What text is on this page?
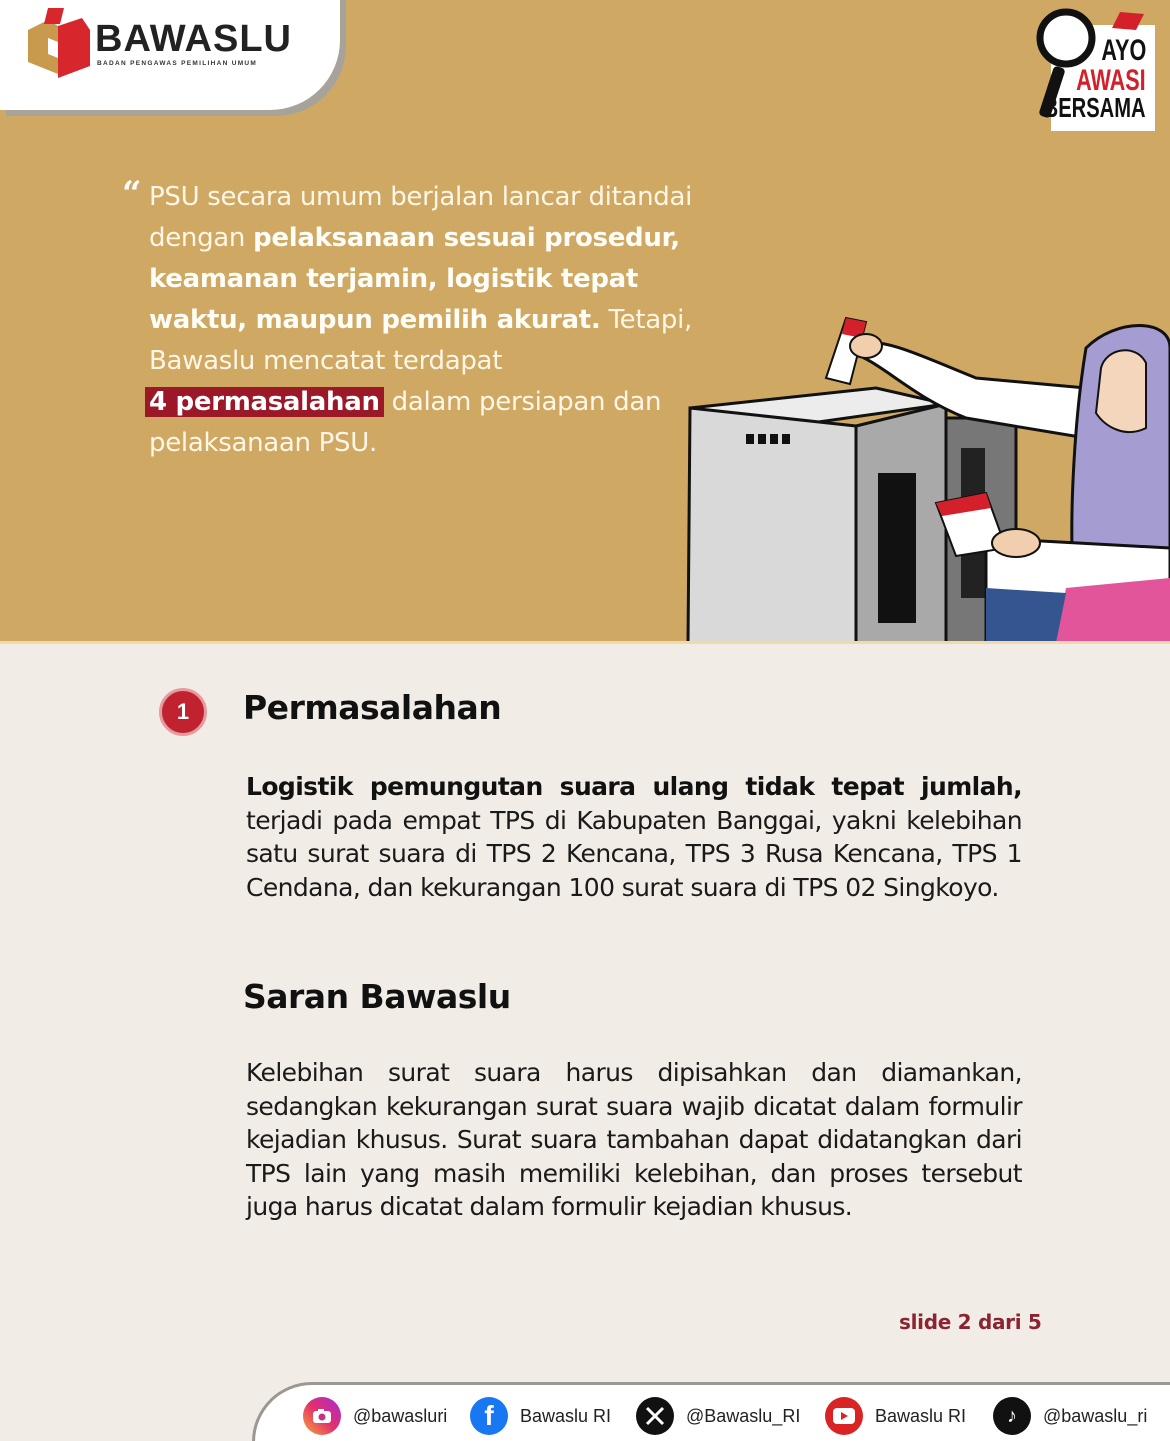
BAWASLU
BADAN PENGAWAS PEMILIHAN UMUM	AYO
AWASI
BERSAMA
“ PSU secara umum berjalan lancar ditandai dengan pelaksanaan sesuai prosedur, keamanan terjamin, logistik tepat waktu, maupun pemilih akurat. Tetapi, Bawaslu mencatat terdapat
4 permasalahan dalam persiapan dan pelaksanaan PSU.
1	Permasalahan
Logistik pemungutan suara ulang tidak tepat jumlah, terjadi pada empat TPS di Kabupaten Banggai, yakni kelebihan satu surat suara di TPS 2 Kencana, TPS 3 Rusa Kencana, TPS 1 Cendana, dan kekurangan 100 surat suara di TPS 02 Singkoyo.
Saran Bawaslu
Kelebihan surat suara harus dipisahkan dan diamankan, sedangkan kekurangan surat suara wajib dicatat dalam formulir kejadian khusus. Surat suara tambahan dapat didatangkan dari TPS lain yang masih memiliki kelebihan, dan proses tersebut juga harus dicatat dalam formulir kejadian khusus.
slide 2 dari 5
@bawasluri	f	Bawaslu RI	@Bawaslu_RI	Bawaslu RI	♪	@bawaslu_ri
